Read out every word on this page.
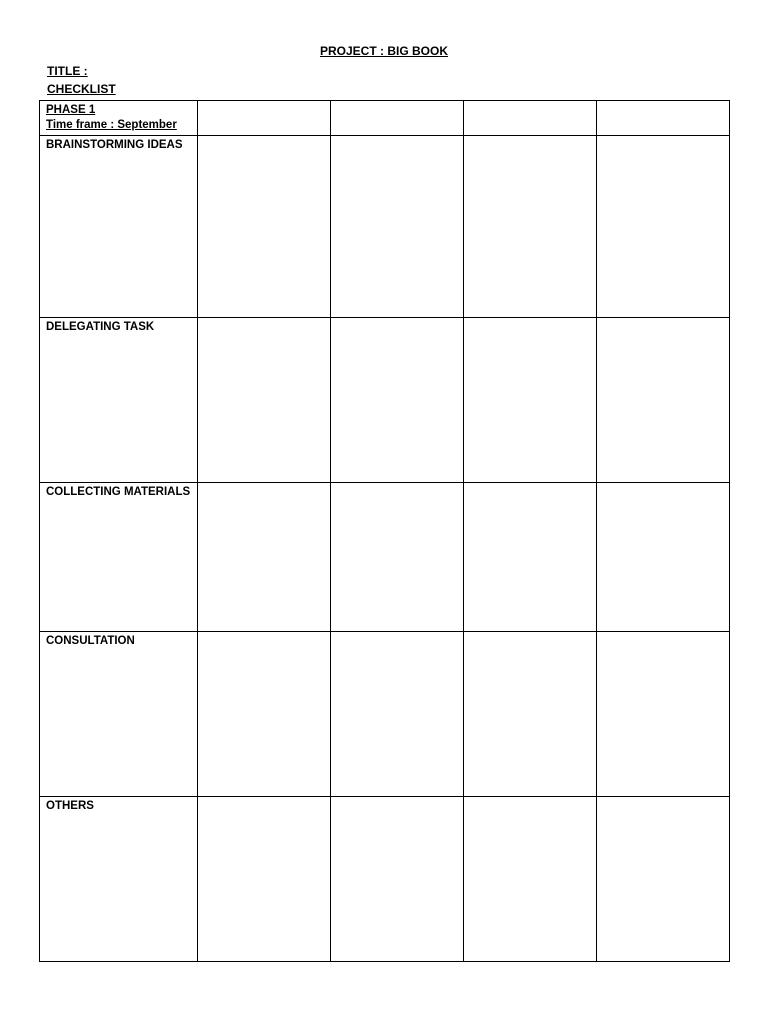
PROJECT : BIG BOOK
TITLE :
CHECKLIST
PHASE 1
Time frame : September				

BRAINSTORMING IDEAS				
DELEGATING TASK				
COLLECTING MATERIALS				
CONSULTATION				
OTHERS				
